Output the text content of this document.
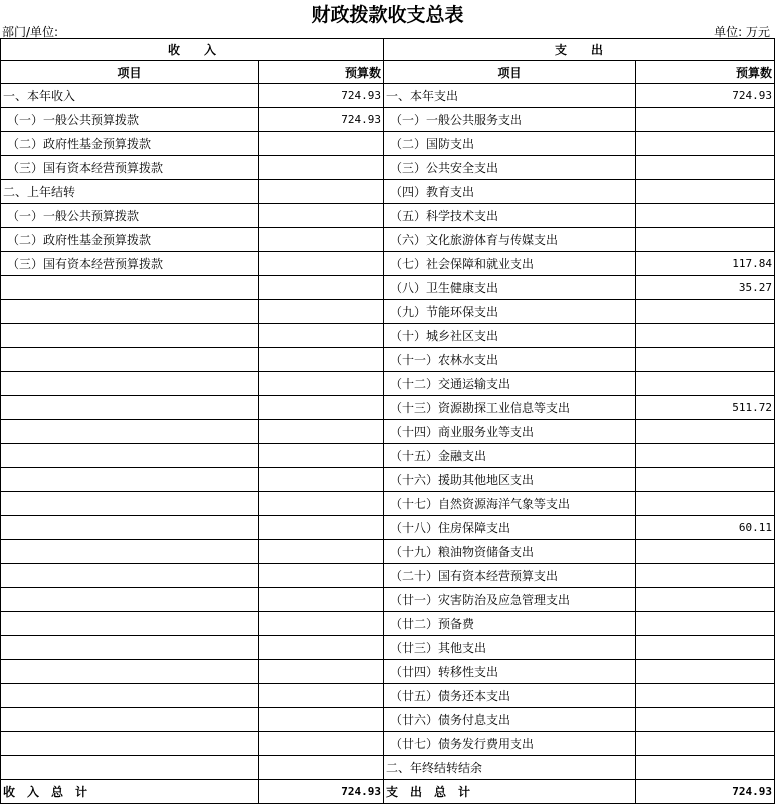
财政拨款收支总表
部门/单位:	单位: 万元
收　　入		支　　出	
项目	预算数	项目	预算数
一、本年收入	724.93	一、本年支出	724.93
（一）一般公共预算拨款	724.93	（一）一般公共服务支出	
（二）政府性基金预算拨款		（二）国防支出	
（三）国有资本经营预算拨款		（三）公共安全支出	
二、上年结转		（四）教育支出	
（一）一般公共预算拨款		（五）科学技术支出	
（二）政府性基金预算拨款		（六）文化旅游体育与传媒支出	
（三）国有资本经营预算拨款		（七）社会保障和就业支出	117.84
		（八）卫生健康支出	35.27
		（九）节能环保支出	
		（十）城乡社区支出	
		（十一）农林水支出	
		（十二）交通运输支出	
		（十三）资源勘探工业信息等支出	511.72
		（十四）商业服务业等支出	
		（十五）金融支出	
		（十六）援助其他地区支出	
		（十七）自然资源海洋气象等支出	
		（十八）住房保障支出	60.11
		（十九）粮油物资储备支出	
		（二十）国有资本经营预算支出	
		（廿一）灾害防治及应急管理支出	
		（廿二）预备费	
		（廿三）其他支出	
		（廿四）转移性支出	
		（廿五）债务还本支出	
		（廿六）债务付息支出	
		（廿七）债务发行费用支出	
		二、年终结转结余	
收　入　总　计	724.93	支　出　总　计	724.93
